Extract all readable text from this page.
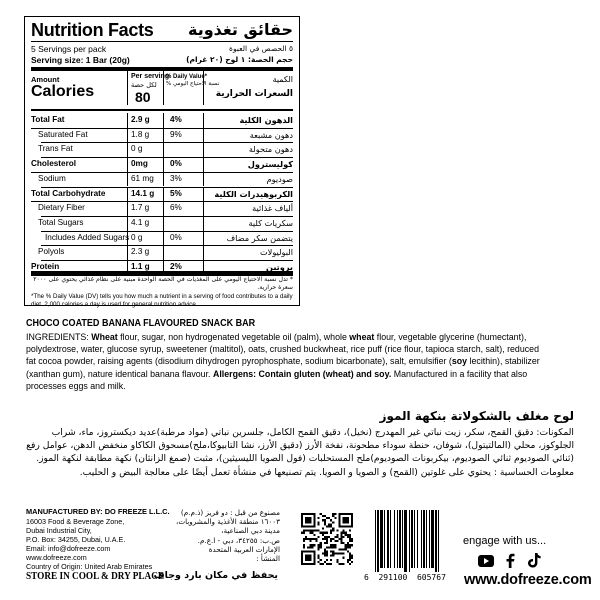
Nutrition Facts حقائق تغذوية
5 Servings per pack	٥ الحصص في العبوة
Serving size: 1 Bar (20g)	حجم الحصة: ١ لوح (٢٠ غرام)
Amount
Calories
Per serving
لكل حصة
80
% Daily Value*
نسبة الاحتياج اليومي %	الكمية
السعرات الحرارية
Total Fat	2.9 g 4%	الدهون الكلية
Saturated Fat	1.8 g	9%	دهون مشبعة
Trans Fat	0 g	دهون متحولة
Cholesterol	0mg	0%	كوليسترول
Sodium	61 mg 3%	صوديوم
Total Carbohydrate	14.1 g 5%	الكربوهيدرات الكلية
Dietary Fiber	1.7 g	6%	ألياف غذائية
Total Sugars	4.1 g	سكريات كلية
Includes Added Sugars 0 g	0%	يتضمن سكر مضاف
Polyols	2.3 g	البوليولات
Protein	1.1 g 2%	بروتين
* تدل نسبة الاحتياج اليومي على المغذيات في الحصة الواحدة مبنية على نظام غذائي يحتوي على ٢٠٠٠ سعرة حرارية.
*The % Daily Value (DV) tells you how much a nutrient in a serving of food contributes to a daily diet. 2,000 calories a day is used for general nutrition advice.
CHOCO COATED BANANA FLAVOURED SNACK BAR
INGREDIENTS: Wheat flour, sugar, non hydrogenated vegetable oil (palm), whole wheat flour, vegetable glycerine (humectant), polydextrose, water, glucose syrup, sweetener (maltitol), oats, crushed buckwheat, rice puff (rice flour, tapioca starch, salt), reduced fat cocoa powder, raising agents (disodium dihydrogen pyrophosphate, sodium bicarbonate), salt, emulsifier (soy lecithin), stabilizer (xanthan gum), nature identical banana flavour. Allergens: Contain gluten (wheat) and soy. Manufactured in a facility that also processes eggs and milk.
لوح مغلف بالشكولاتة بنكهة الموز
المكونات: دقيق القمح، سكر، زيت نباتي غير المهدرج (نخيل)، دقيق القمح الكامل، جلسرين نباتي (مواد مرطبة)عديد ديكستروز، ماء، شراب الجلوكوز، محلي (المالتيتول)، شوفان، حنطة سوداء مطحونة، نفخة الأرز (دقيق الأرز، نشا التابيوكا،ملح)مسحوق الكاكاو منخفض الدهن، عوامل رفع (ثنائي الصوديوم ثنائي الصوديوم، بيكربونات الصوديوم)ملح المستحلبات (فول الصويا الليسيثين)، مثبت (صمغ الزانثان) نكهة مطابقة لنكهة الموز. معلومات الحساسية : يحتوي على غلوتين (القمح) و الصويا و الصويا. يتم تصنيعها في منشأة تعمل أيضًا على معالجة البيض و الحليب.
MANUFACTURED BY: DO FREEZE L.L.C.
16003 Food & Beverage Zone,
Dubai Industrial City,
P.O. Box: 34255, Dubai, U.A.E.
Email: info@dofreeze.com
www.dofreeze.com
Country of Origin: United Arab Emirates
STORE IN COOL & DRY PLACE
مصنوع من قبل : دو فريز (ذ.م.م)
١٦٠٠٣ منطقة الأغذية والمشروبات،
مدينة دبي الصناعية،
ص.ب: ٣٤٢٥٥، دبي - ا.ع.م.
الإمارات العربية المتحدة
المنشأ :
يحفظ في مكان بارد وجاف
engage with us...
www.dofreeze.com
6  291100  605767
